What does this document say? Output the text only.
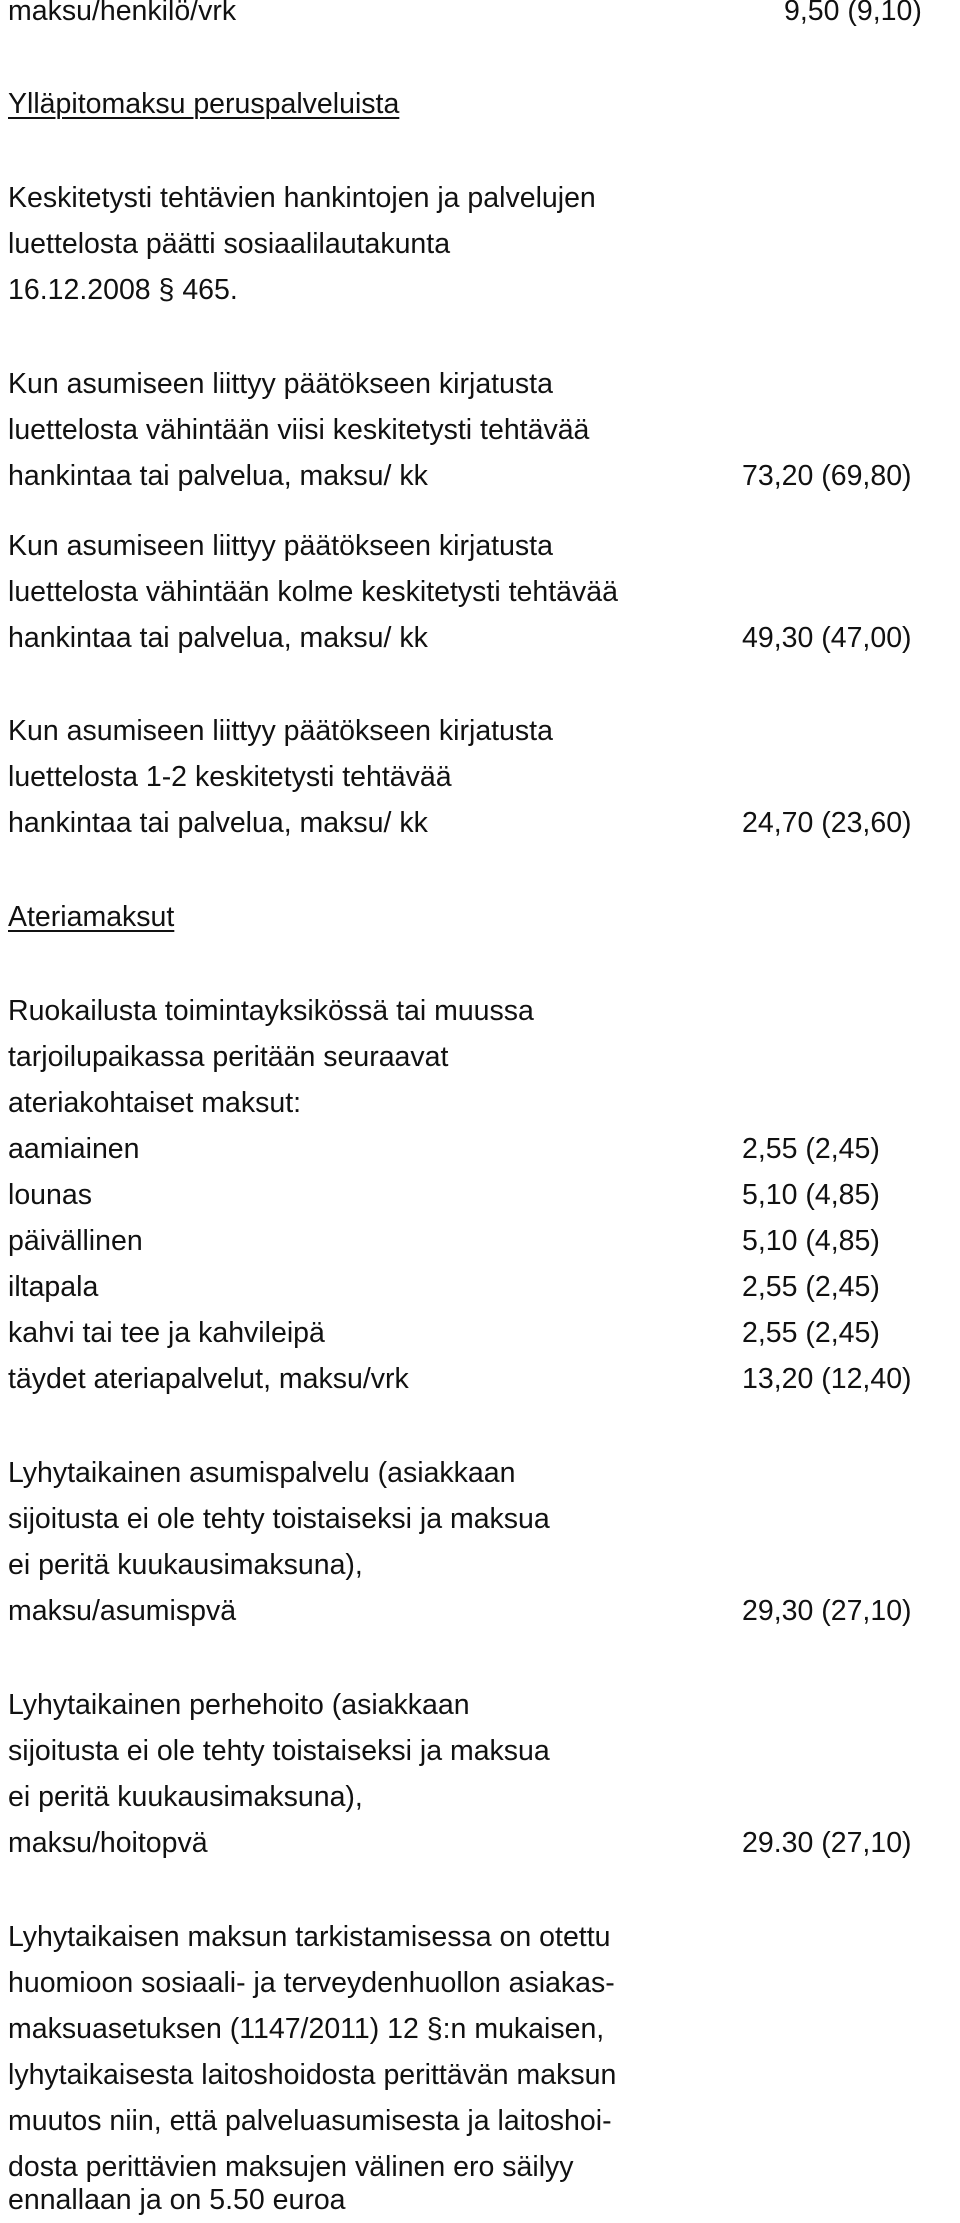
maksu/henkilö/vrk	9,50 (9,10)
Ylläpitomaksu peruspalveluista
Keskitetysti tehtävien hankintojen ja palvelujen
luettelosta päätti sosiaalilautakunta
16.12.2008 § 465.
Kun asumiseen liittyy päätökseen kirjatusta
luettelosta vähintään viisi keskitetysti tehtävää
hankintaa tai palvelua, maksu/ kk	73,20 (69,80)
Kun asumiseen liittyy päätökseen kirjatusta
luettelosta vähintään kolme keskitetysti tehtävää
hankintaa tai palvelua, maksu/ kk	49,30 (47,00)
Kun asumiseen liittyy päätökseen kirjatusta
luettelosta 1-2 keskitetysti tehtävää
hankintaa tai palvelua, maksu/ kk	24,70 (23,60)
Ateriamaksut
Ruokailusta toimintayksikössä tai muussa
tarjoilupaikassa peritään seuraavat
ateriakohtaiset maksut:
aamiainen	2,55 (2,45)
lounas	5,10 (4,85)
päivällinen	5,10 (4,85)
iltapala	2,55 (2,45)
kahvi tai tee ja kahvileipä	2,55 (2,45)
täydet ateriapalvelut, maksu/vrk	13,20 (12,40)
Lyhytaikainen asumispalvelu (asiakkaan
sijoitusta ei ole tehty toistaiseksi ja maksua
ei peritä kuukausimaksuna),
maksu/asumispvä	29,30 (27,10)
Lyhytaikainen perhehoito (asiakkaan
sijoitusta ei ole tehty toistaiseksi ja maksua
ei peritä kuukausimaksuna),
maksu/hoitopvä	29.30 (27,10)
Lyhytaikaisen maksun tarkistamisessa on otettu
huomioon sosiaali- ja terveydenhuollon asiakas-
maksuasetuksen (1147/2011) 12 §:n mukaisen,
lyhytaikaisesta laitoshoidosta perittävän maksun
muutos niin, että palveluasumisesta ja laitoshoi-
dosta perittävien maksujen välinen ero säilyy
ennallaan ja on 5.50 euroa
